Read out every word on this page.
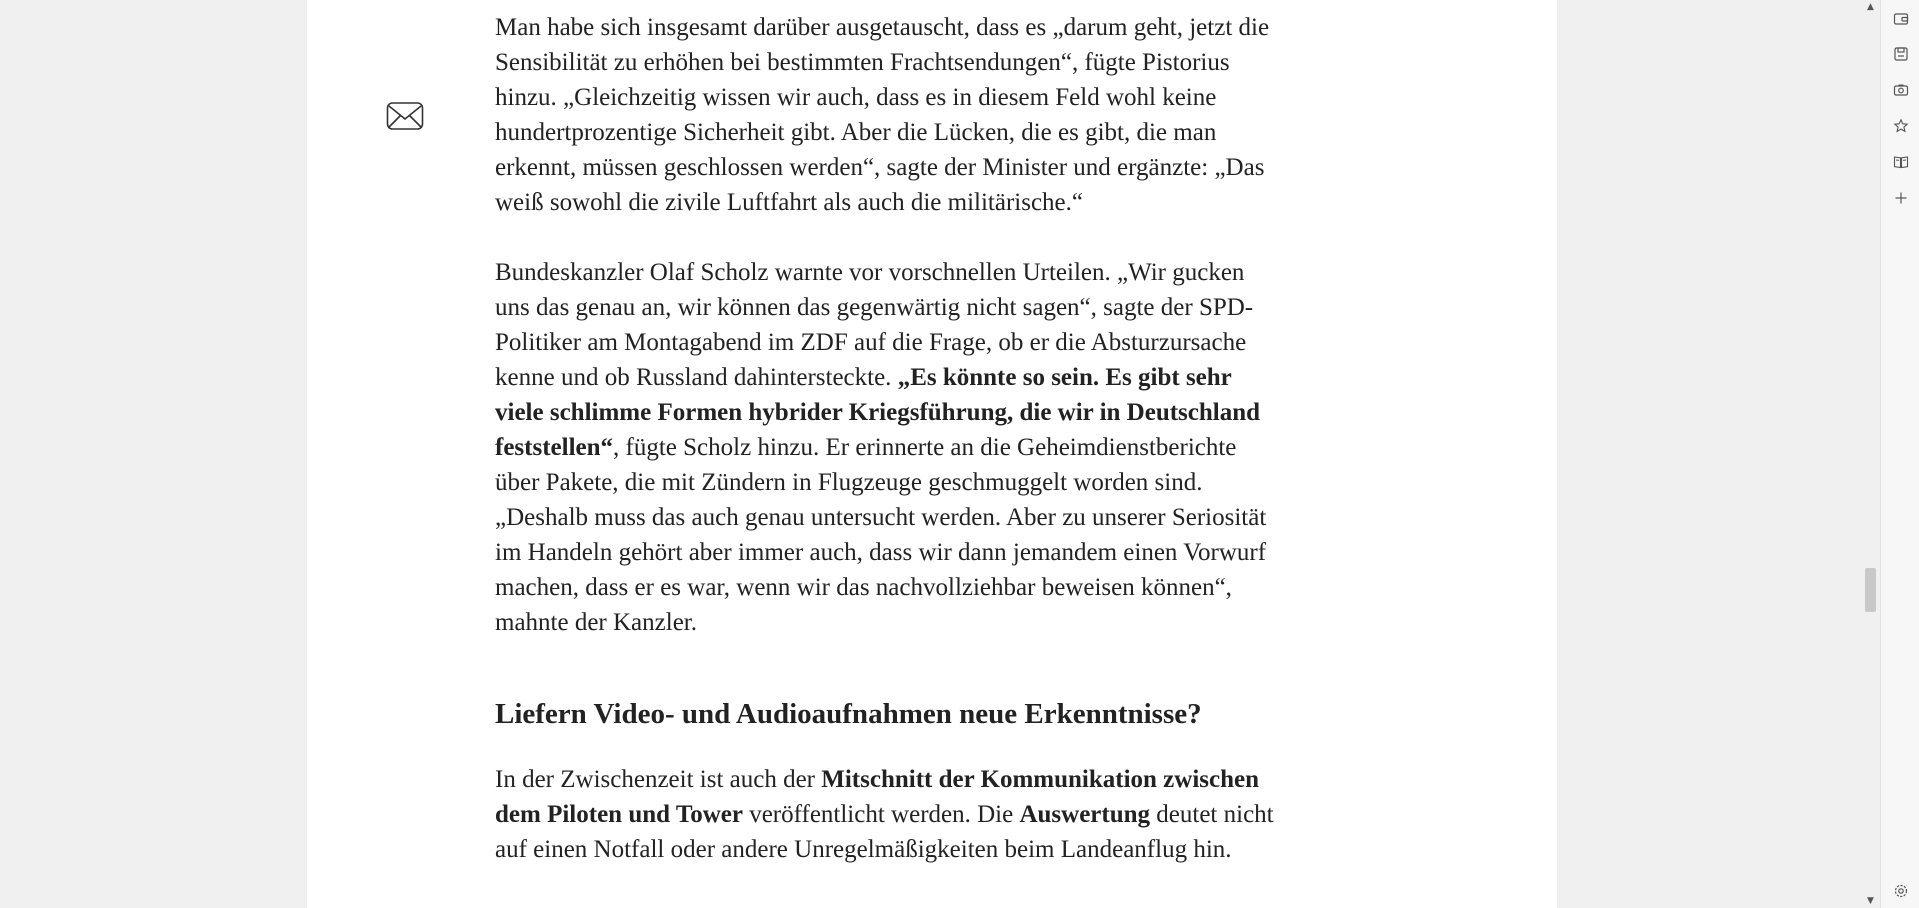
Man habe sich insgesamt darüber ausgetauscht, dass es „darum geht, jetzt die Sensibilität zu erhöhen bei bestimmten Frachtsendungen“, fügte Pistorius hinzu. „Gleichzeitig wissen wir auch, dass es in diesem Feld wohl keine hundertprozentige Sicherheit gibt. Aber die Lücken, die es gibt, die man erkennt, müssen geschlossen werden“, sagte der Minister und ergänzte: „Das weiß sowohl die zivile Luftfahrt als auch die militärische.“

Bundeskanzler Olaf Scholz warnte vor vorschnellen Urteilen. „Wir gucken uns das genau an, wir können das gegenwärtig nicht sagen“, sagte der SPD-Politiker am Montagabend im ZDF auf die Frage, ob er die Absturzursache kenne und ob Russland dahintersteckte. „Es könnte so sein. Es gibt sehr viele schlimme Formen hybrider Kriegsführung, die wir in Deutschland feststellen“, fügte Scholz hinzu. Er erinnerte an die Geheimdienstberichte über Pakete, die mit Zündern in Flugzeuge geschmuggelt worden sind. „Deshalb muss das auch genau untersucht werden. Aber zu unserer Seriosität im Handeln gehört aber immer auch, dass wir dann jemandem einen Vorwurf machen, dass er es war, wenn wir das nachvollziehbar beweisen können“, mahnte der Kanzler.

Liefern Video- und Audioaufnahmen neue Erkenntnisse?

In der Zwischenzeit ist auch der Mitschnitt der Kommunikation zwischen dem Piloten und Tower veröffentlicht werden. Die Auswertung deutet nicht auf einen Notfall oder andere Unregelmäßigkeiten beim Landeanflug hin.

▲
▼
